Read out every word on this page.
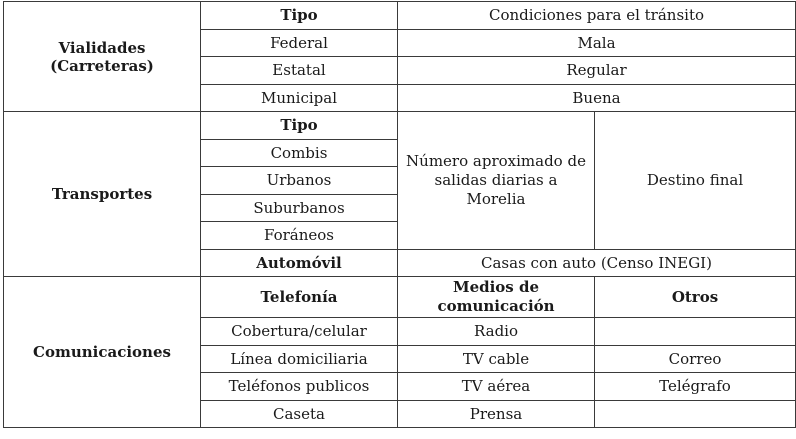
Vialidades
(Carreteras)	Tipo	Condiciones para el tránsito	
	Federal	Mala	
	Estatal	Regular	
	Municipal	Buena	
Transportes	Tipo	Número aproximado de salidas diarias a Morelia	Destino final
	Combis		
	Urbanos		
	Suburbanos		
	Foráneos		
	Automóvil	Casas con auto (Censo INEGI)	
Comunicaciones	Telefonía	Medios de comunicación	Otros
	Cobertura/celular	Radio	
	Línea domiciliaria	TV cable	Correo
	Teléfonos publicos	TV aérea	Telégrafo
	Caseta	Prensa	
